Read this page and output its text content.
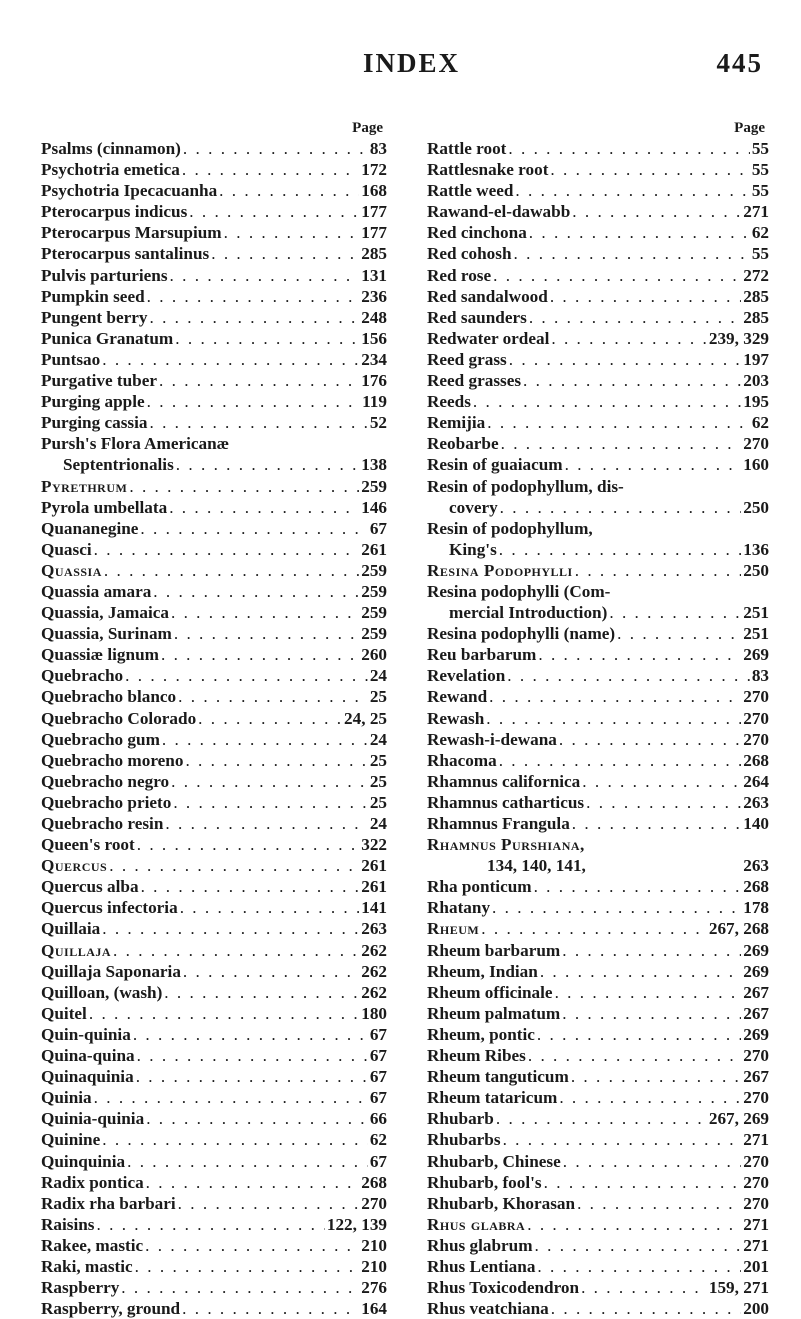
INDEX	445
Page
Psalms (cinnamon) . . .	83
Psychotria emetica . . .	172
Psychotria Ipecacuanha . . .	168
Pterocarpus indicus . . .	177
Pterocarpus Marsupium . . .	177
Pterocarpus santalinus . . .	285
Pulvis parturiens . . .	131
Pumpkin seed . . .	236
Pungent berry . . .	248
Punica Granatum . . .	156
Puntsao . . .	234
Purgative tuber . . .	176
Purging apple . . .	119
Purging cassia . . .	52
Pursh's Flora Americanæ
Septentrionalis . . .	138
Pyrethrum . . .	259
Pyrola umbellata . . .	146
Quananegine . . .	67
Quasci . . .	261
Quassia . . .	259
Quassia amara . . .	259
Quassia, Jamaica . . .	259
Quassia, Surinam . . .	259
Quassiæ lignum . . .	260
Quebracho . . .	24
Quebracho blanco . . .	25
Quebracho Colorado . . .	24, 25
Quebracho gum . . .	24
Quebracho moreno . . .	25
Quebracho negro . . .	25
Quebracho prieto . . .	25
Quebracho resin . . .	24
Queen's root . . .	322
Quercus . . .	261
Quercus alba . . .	261
Quercus infectoria . . .	141
Quillaia . . .	263
Quillaja . . .	262
Quillaja Saponaria . . .	262
Quilloan, (wash) . . .	262
Quitel . . .	180
Quin-quinia . . .	67
Quina-quina . . .	67
Quinaquinia . . .	67
Quinia . . .	67
Quinia-quinia . . .	66
Quinine . . .	62
Quinquinia . . .	67
Radix pontica . . .	268
Radix rha barbari . . .	270
Raisins . . .	122, 139
Rakee, mastic . . .	210
Raki, mastic . . .	210
Raspberry . . .	276
Raspberry, ground . . .	164
Page
Rattle root . . .	55
Rattlesnake root . . .	55
Rattle weed . . .	55
Rawand-el-dawabb . . .	271
Red cinchona . . .	62
Red cohosh . . .	55
Red rose . . .	272
Red sandalwood . . .	285
Red saunders . . .	285
Redwater ordeal . . .	239, 329
Reed grass . . .	197
Reed grasses . . .	203
Reeds . . .	195
Remijia . . .	62
Reobarbe . . .	270
Resin of guaiacum . . .	160
Resin of podophyllum, dis-
covery . . .	250
Resin of podophyllum,
King's . . .	136
Resina Podophylli . . .	250
Resina podophylli (Com-
mercial Introduction) . . .	251
Resina podophylli (name) . . .	251
Reu barbarum . . .	269
Revelation . . .	83
Rewand . . .	270
Rewash . . .	270
Rewash-i-dewana . . .	270
Rhacoma . . .	268
Rhamnus californica . . .	264
Rhamnus catharticus . . .	263
Rhamnus Frangula . . .	140
Rhamnus Purshiana,
134, 140, 141,	263
Rha ponticum . . .	268
Rhatany . . .	178
Rheum . . .	267, 268
Rheum barbarum . . .	269
Rheum, Indian . . .	269
Rheum officinale . . .	267
Rheum palmatum . . .	267
Rheum, pontic . . .	269
Rheum Ribes . . .	270
Rheum tanguticum . . .	267
Rheum tataricum . . .	270
Rhubarb . . .	267, 269
Rhubarbs . . .	271
Rhubarb, Chinese . . .	270
Rhubarb, fool's . . .	270
Rhubarb, Khorasan . . .	270
Rhus glabra . . .	271
Rhus glabrum . . .	271
Rhus Lentiana . . .	201
Rhus Toxicodendron . . .	159, 271
Rhus veatchiana . . .	200
